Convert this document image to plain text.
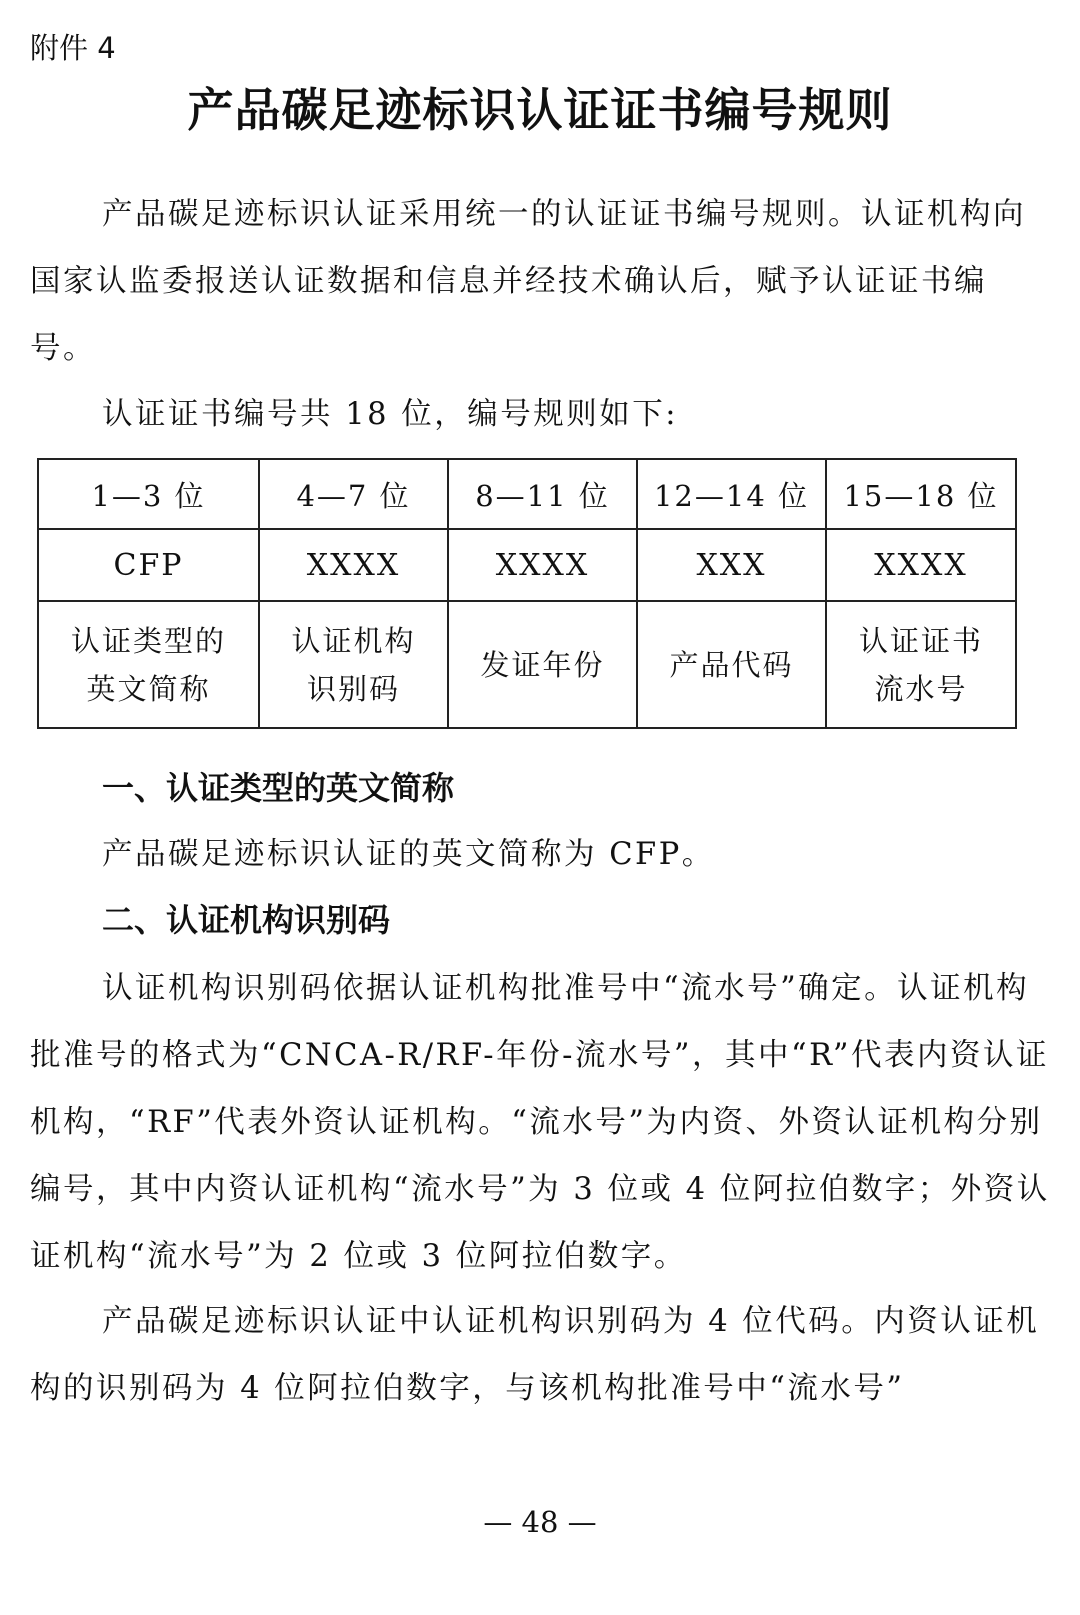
附件 4
产品碳足迹标识认证证书编号规则

产品碳足迹标识认证采用统一的认证证书编号规则。认证机构向国家认监委报送认证数据和信息并经技术确认后，赋予认证证书编号。

认证证书编号共 18 位，编号规则如下:

1—3 位	4—7 位	8—11 位	12—14 位	15—18 位
CFP	XXXX	XXXX	XXX	XXXX

认证类型的英文简称	认证机构识别码	发证年份	产品代码	认证证书流水号
一、认证类型的英文简称

产品碳足迹标识认证的英文简称为 CFP。

二、认证机构识别码

认证机构识别码依据认证机构批准号中“流水号”确定。认证机构批准号的格式为“CNCA-R/RF-年份-流水号”，其中“R”代表内资认证机构，“RF”代表外资认证机构。“流水号”为内资、外资认证机构分别编号，其中内资认证机构“流水号”为 3 位或 4 位阿拉伯数字；外资认证机构“流水号”为 2 位或 3 位阿拉伯数字。

产品碳足迹标识认证中认证机构识别码为 4 位代码。内资认证机构的识别码为 4 位阿拉伯数字，与该机构批准号中“流水号”

— 48 —
